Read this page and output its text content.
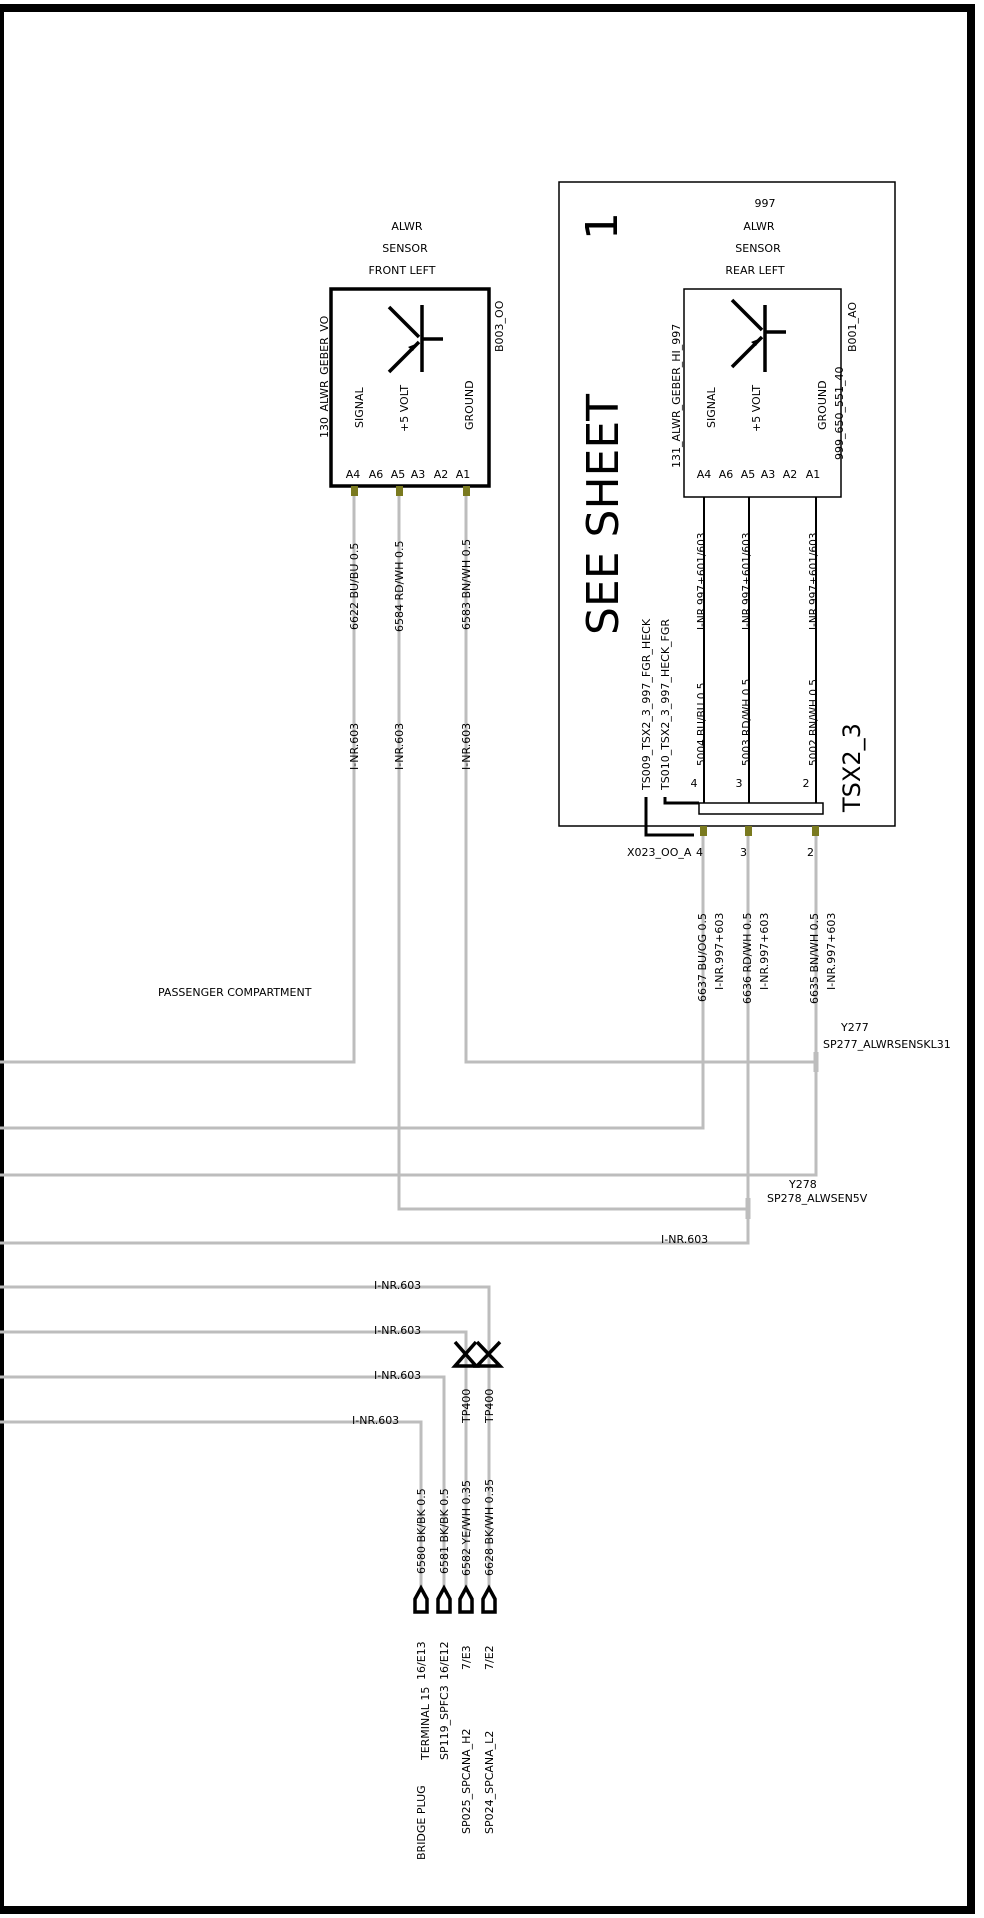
ALWR
SENSOR
FRONT LEFT
130_ALWR_GEBER_VO	B003_OO
SIGNAL	+5 VOLT	GROUND
A4 A6 A5 A3 A2 A1
6622 BU/BU 0.5	6584 RD/WH 0.5	6583 BN/WH 0.5
I-NR.603	I-NR.603	I-NR.603
SEE SHEET
1
997
ALWR
SENSOR
REAR LEFT
131_ALWR_GEBER_HI_997	B001_AO
999_650_551_40
SIGNAL	+5 VOLT	GROUND
A4 A6 A5 A3 A2 A1
I-NR.997+601/603	I-NR.997+601/603	I-NR.997+601/603
5004 BU/BU 0.5	5003 RD/WH 0.5	5002 BN/WH 0.5
4	3	2 TSX2_3
TS009_TSX2_3_997_FGR_HECK TS010_TSX2_3_997_HECK_FGR
X023_OO_A 4	3	2
6637 BU/OG 0.5	6636 RD/WH 0.5	6635 BN/WH 0.5
I-NR.997+603	I-NR.997+603	I-NR.997+603
PASSENGER COMPARTMENT
Y277
SP277_ALWRSENSKL31
Y278
SP278_ALWSEN5V
I-NR.603
I-NR.603
I-NR.603
I-NR.603
I-NR.603	TP400 TP400
6580 BK/BK 0.5 6581 BK/BK 0.5 6582 YE/WH 0.35 6628 BK/WH 0.35
16/E13 16/E12 7/E3 7/E2
TERMINAL 15 SP119_SPFC3
BRIDGE PLUG	SP025_SPCANA_H2 SP024_SPCANA_L2
